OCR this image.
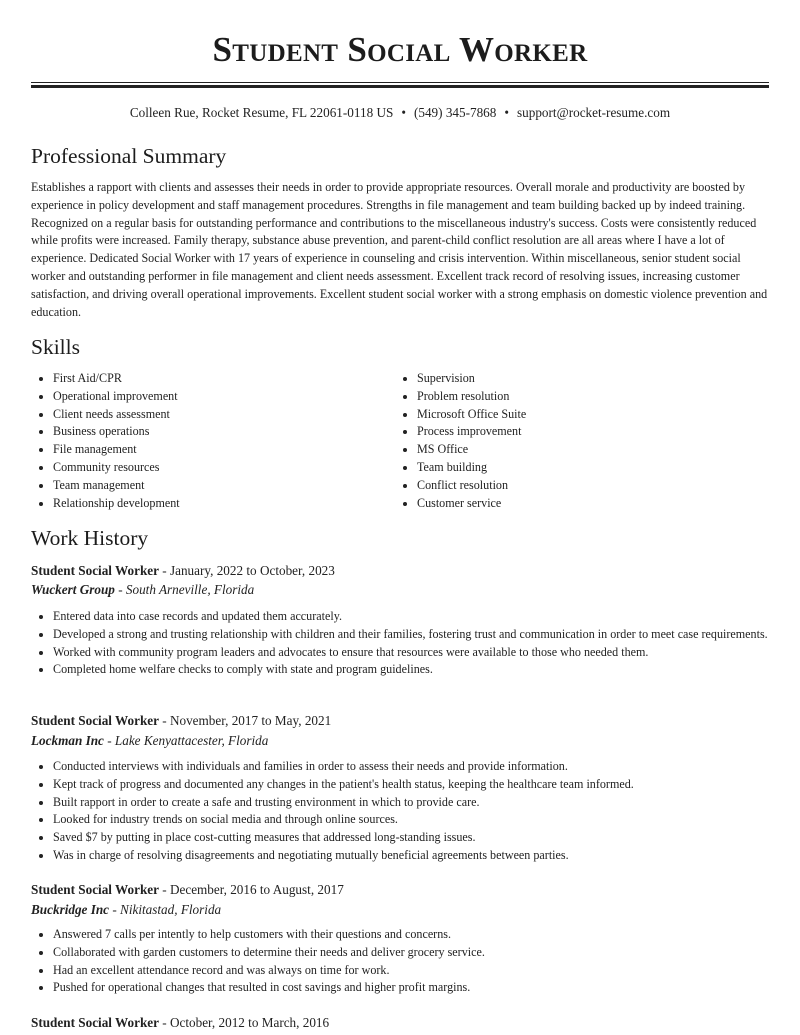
Student Social Worker
Colleen Rue, Rocket Resume, FL 22061-0118 US • (549) 345-7868 • support@rocket-resume.com
Professional Summary

Establishes a rapport with clients and assesses their needs in order to provide appropriate resources. Overall morale and productivity are boosted by experience in policy development and staff management procedures. Strengths in file management and team building backed up by indeed training. Recognized on a regular basis for outstanding performance and contributions to the miscellaneous industry's success. Costs were consistently reduced while profits were increased. Family therapy, substance abuse prevention, and parent-child conflict resolution are all areas where I have a lot of experience. Dedicated Social Worker with 17 years of experience in counseling and crisis intervention. Within miscellaneous, senior student social worker and outstanding performer in file management and client needs assessment. Excellent track record of resolving issues, increasing customer satisfaction, and driving overall operational improvements. Excellent student social worker with a strong emphasis on domestic violence prevention and education.

Skills
• First Aid/CPR
• Operational improvement
• Client needs assessment
• Business operations
• File management
• Community resources
• Team management
• Relationship development
• Supervision
• Problem resolution
• Microsoft Office Suite
• Process improvement
• MS Office
• Team building
• Conflict resolution
• Customer service
Work History
Student Social Worker - January, 2022 to October, 2023
Wuckert Group - South Arneville, Florida
• Entered data into case records and updated them accurately.
• Developed a strong and trusting relationship with children and their families, fostering trust and communication in order to meet case requirements.
• Worked with community program leaders and advocates to ensure that resources were available to those who needed them.
• Completed home welfare checks to comply with state and program guidelines.
Student Social Worker - November, 2017 to May, 2021
Lockman Inc - Lake Kenyattacester, Florida
• Conducted interviews with individuals and families in order to assess their needs and provide information.
• Kept track of progress and documented any changes in the patient's health status, keeping the healthcare team informed.
• Built rapport in order to create a safe and trusting environment in which to provide care.
• Looked for industry trends on social media and through online sources.
• Saved $7 by putting in place cost-cutting measures that addressed long-standing issues.
• Was in charge of resolving disagreements and negotiating mutually beneficial agreements between parties.
Student Social Worker - December, 2016 to August, 2017
Buckridge Inc - Nikitastad, Florida
• Answered 7 calls per intently to help customers with their questions and concerns.
• Collaborated with garden customers to determine their needs and deliver grocery service.
• Had an excellent attendance record and was always on time for work.
• Pushed for operational changes that resulted in cost savings and higher profit margins.
Student Social Worker - October, 2012 to March, 2016
